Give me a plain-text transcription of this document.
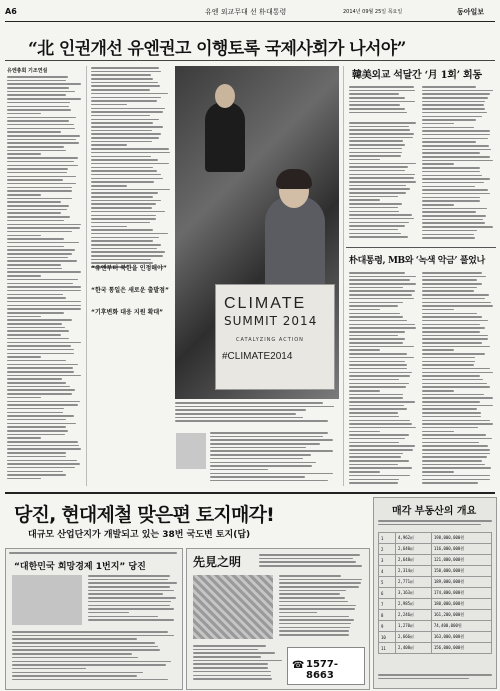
A6	유엔 외교무대 선 朴대통령	2014년 09월 25일 목요일	동아일보
“北 인권개선 유엔권고 이행토록 국제사회가 나서야”
유엔총회 기조연설
CLIMATE
SUMMIT 2014
CATALYZING ACTION
#CLIMATE2014
“유엔부터 북한을 인정해야”
“한국 통일은 새로운 출발점”
“기후변화 대응 지원 확대”
韓美외교 석달간 ‘月 1회’ 회동
朴대통령, MB와 ‘녹색 악금’ 풀었나
당진, 현대제철 맞은편 토지매각!
대규모 산업단지가 개발되고 있는 38번 국도변 토지(답)
매각 부동산의 개요
1	4,962㎡	198,000,000원
2	2,640㎡	116,000,000원
3	2,648㎡	121,000,000원
4	2,314㎡	150,000,000원
5	2,771㎡	189,000,000원
6	3,163㎡	174,000,000원
7	2,985㎡	180,000,000원
8	2,246㎡	161,200,000원
9	1,270㎡	74,400,000원
10	2,666㎡	163,000,000원
11	2,408㎡	156,000,000원
“대한민국 희망경제 1번지” 당진	先見之明
☎ 1577-8663
